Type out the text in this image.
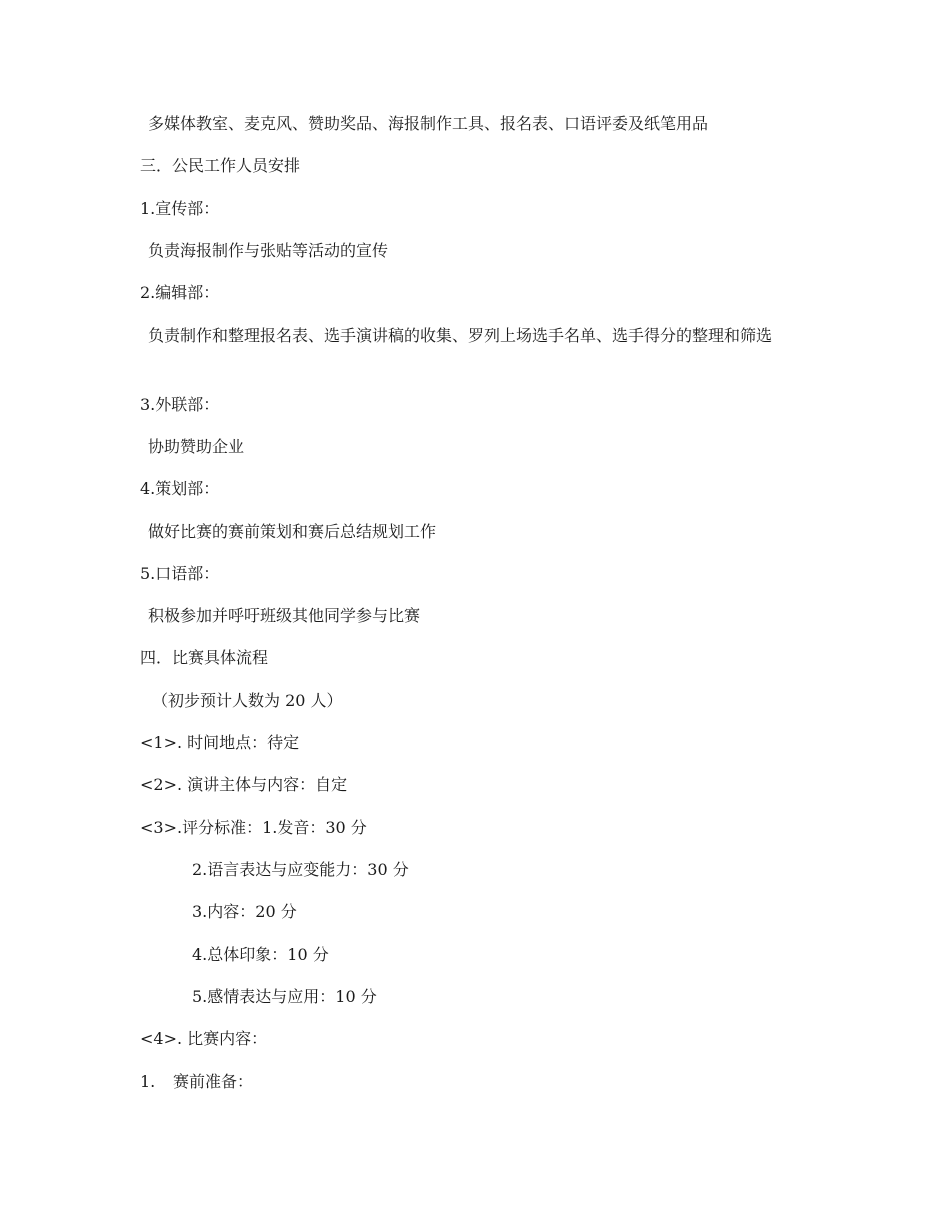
多媒体教室、麦克风、赞助奖品、海报制作工具、报名表、口语评委及纸笔用品
三．公民工作人员安排
1.宣传部：
负责海报制作与张贴等活动的宣传
2.编辑部：
负责制作和整理报名表、选手演讲稿的收集、罗列上场选手名单、选手得分的整理和筛选
3.外联部：
协助赞助企业
4.策划部：
做好比赛的赛前策划和赛后总结规划工作
5.口语部：
积极参加并呼吁班级其他同学参与比赛
四．比赛具体流程
（初步预计人数为 20 人）
<1>. 时间地点：待定
<2>. 演讲主体与内容：自定
<3>.评分标准：1.发音：30 分
2.语言表达与应变能力：30 分
3.内容：20 分
4.总体印象：10 分
5.感情表达与应用：10 分
<4>. 比赛内容：
1. 赛前准备：
